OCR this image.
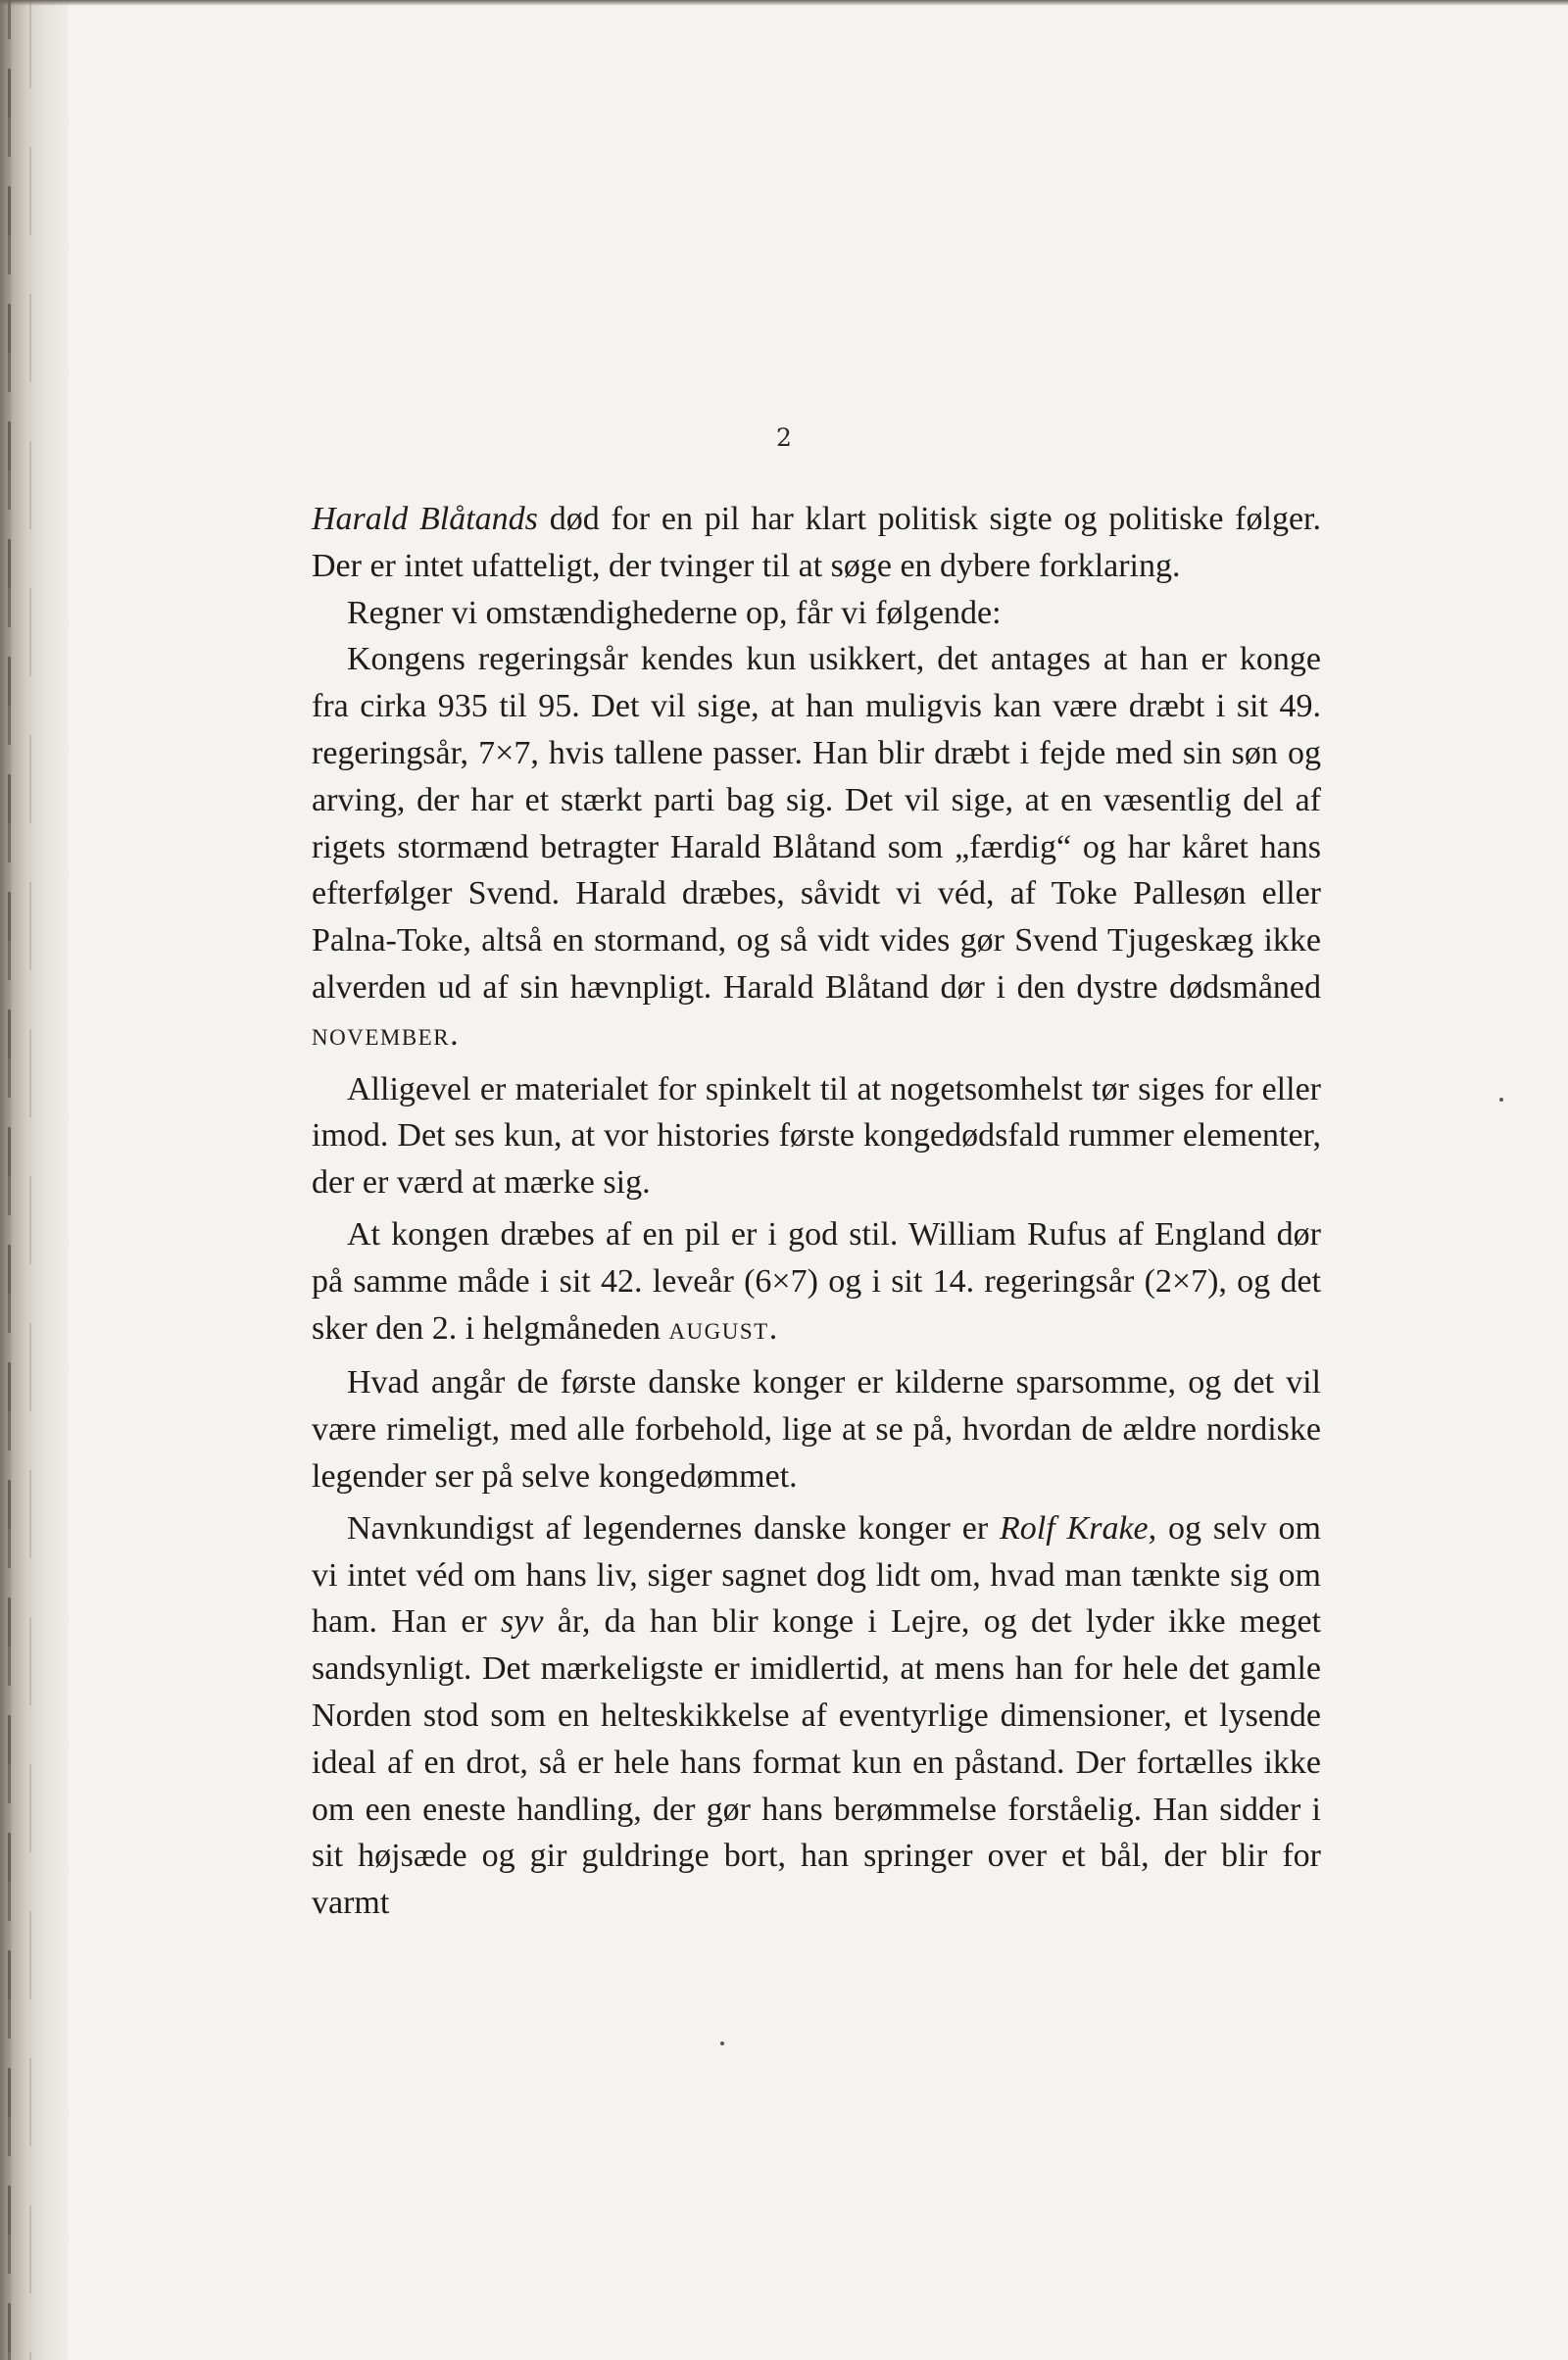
2

Harald Blåtands død for en pil har klart politisk sigte og politiske følger. Der er intet ufatteligt, der tvinger til at søge en dybere forklaring.

Regner vi omstændighederne op, får vi følgende:

Kongens regeringsår kendes kun usikkert, det antages at han er konge fra cirka 935 til 95. Det vil sige, at han muligvis kan være dræbt i sit 49. regeringsår, 7×7, hvis tallene passer. Han blir dræbt i fejde med sin søn og arving, der har et stærkt parti bag sig. Det vil sige, at en væsentlig del af rigets stormænd betragter Harald Blåtand som „færdig“ og har kåret hans efterfølger Svend. Harald dræbes, såvidt vi véd, af Toke Pallesøn eller Palna-Toke, altså en stormand, og så vidt vides gør Svend Tjugeskæg ikke alverden ud af sin hævnpligt. Harald Blåtand dør i den dystre dødsmåned NOVEMBER.

Alligevel er materialet for spinkelt til at nogetsomhelst tør siges for eller imod. Det ses kun, at vor histories første kongedødsfald rummer elementer, der er værd at mærke sig.

At kongen dræbes af en pil er i god stil. William Rufus af England dør på samme måde i sit 42. leveår (6×7) og i sit 14. regeringsår (2×7), og det sker den 2. i helgmåneden AUGUST.

Hvad angår de første danske konger er kilderne sparsomme, og det vil være rimeligt, med alle forbehold, lige at se på, hvordan de ældre nordiske legender ser på selve kongedømmet.

Navnkundigst af legendernes danske konger er Rolf Krake, og selv om vi intet véd om hans liv, siger sagnet dog lidt om, hvad man tænkte sig om ham. Han er syv år, da han blir konge i Lejre, og det lyder ikke meget sandsynligt. Det mærkeligste er imidlertid, at mens han for hele det gamle Norden stod som en helteskikkelse af eventyrlige dimensioner, et lysende ideal af en drot, så er hele hans format kun en påstand. Der fortælles ikke om een eneste handling, der gør hans berømmelse forståelig. Han sidder i sit højsæde og gir guldringe bort, han springer over et bål, der blir for varmt
